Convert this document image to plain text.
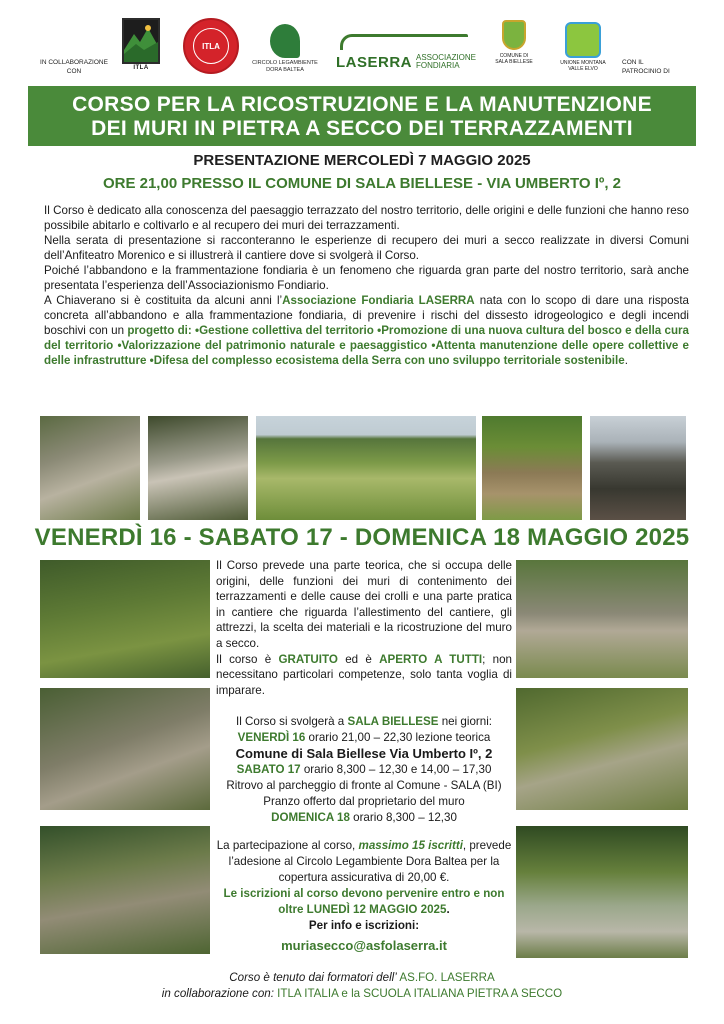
IN COLLABORAZIONE CON	ITLA
ITLA
CIRCOLO LEGAMBIENTE DORA BALTEA	LASERRA ASSOCIAZIONE
FONDIARIA
COMUNE DI SALA BIELLESE	UNIONE MONTANA VALLE ELVO
CON IL PATROCINIO DI
CORSO PER LA RICOSTRUZIONE E LA MANUTENZIONE
DEI MURI IN PIETRA A SECCO DEI TERRAZZAMENTI
PRESENTAZIONE MERCOLEDÌ 7 MAGGIO 2025
ORE 21,00 PRESSO IL COMUNE DI SALA BIELLESE - VIA UMBERTO Iº, 2

Il Corso è dedicato alla conoscenza del paesaggio terrazzato del nostro territorio, delle origini e delle funzioni che hanno reso possibile abitarlo e coltivarlo e al recupero dei muri dei terrazzamenti.

Nella serata di presentazione si racconteranno le esperienze di recupero dei muri a secco realizzate in diversi Comuni dell’Anfiteatro Morenico e si illustrerà il cantiere dove si svolgerà il Corso.

Poiché l’abbandono e la frammentazione fondiaria è un fenomeno che riguarda gran parte del nostro territorio, sarà anche presentata l’esperienza dell’Associazionismo Fondiario.

A Chiaverano si è costituita da alcuni anni l’Associazione Fondiaria LASERRA nata con lo scopo di dare una risposta concreta all’abbandono e alla frammentazione fondiaria, di prevenire i rischi del dissesto idrogeologico e degli incendi boschivi con un progetto di: •Gestione collettiva del territorio •Promozione di una nuova cultura del bosco e della cura del territorio •Valorizzazione del patrimonio naturale e paesaggistico •Attenta manutenzione delle opere collettive e delle infrastrutture •Difesa del complesso ecosistema della Serra con uno sviluppo territoriale sostenibile.

VENERDÌ 16 - SABATO 17 - DOMENICA 18 MAGGIO 2025

Il Corso prevede una parte teorica, che si occupa delle origini, delle funzioni dei muri di contenimento dei terrazzamenti e delle cause dei crolli e una parte pratica in cantiere che riguarda l’allestimento del cantiere, gli attrezzi, la scelta dei materiali e la ricostruzione del muro a secco.

Il corso è GRATUITO ed è APERTO A TUTTI; non necessitano particolari competenze, solo tanta voglia di imparare.

Il Corso si svolgerà a SALA BIELLESE nei giorni:
VENERDÌ 16 orario 21,00 – 22,30 lezione teorica
Comune di Sala Biellese Via Umberto Iº, 2
SABATO 17 orario 8,300 – 12,30 e 14,00 – 17,30
Ritrovo al parcheggio di fronte al Comune - SALA (BI)
Pranzo offerto dal proprietario del muro
DOMENICA 18 orario 8,300 – 12,30
La partecipazione al corso, massimo 15 iscritti, prevede l’adesione al Circolo Legambiente Dora Baltea per la copertura assicurativa di 20,00 €.
Le iscrizioni al corso devono pervenire entro e non oltre LUNEDÌ 12 MAGGIO 2025.
Per info e iscrizioni:
muriasecco@asfolaserra.it
Corso è tenuto dai formatori dell’ AS.FO. LASERRA
in collaborazione con: ITLA ITALIA e la SCUOLA ITALIANA PIETRA A SECCO
